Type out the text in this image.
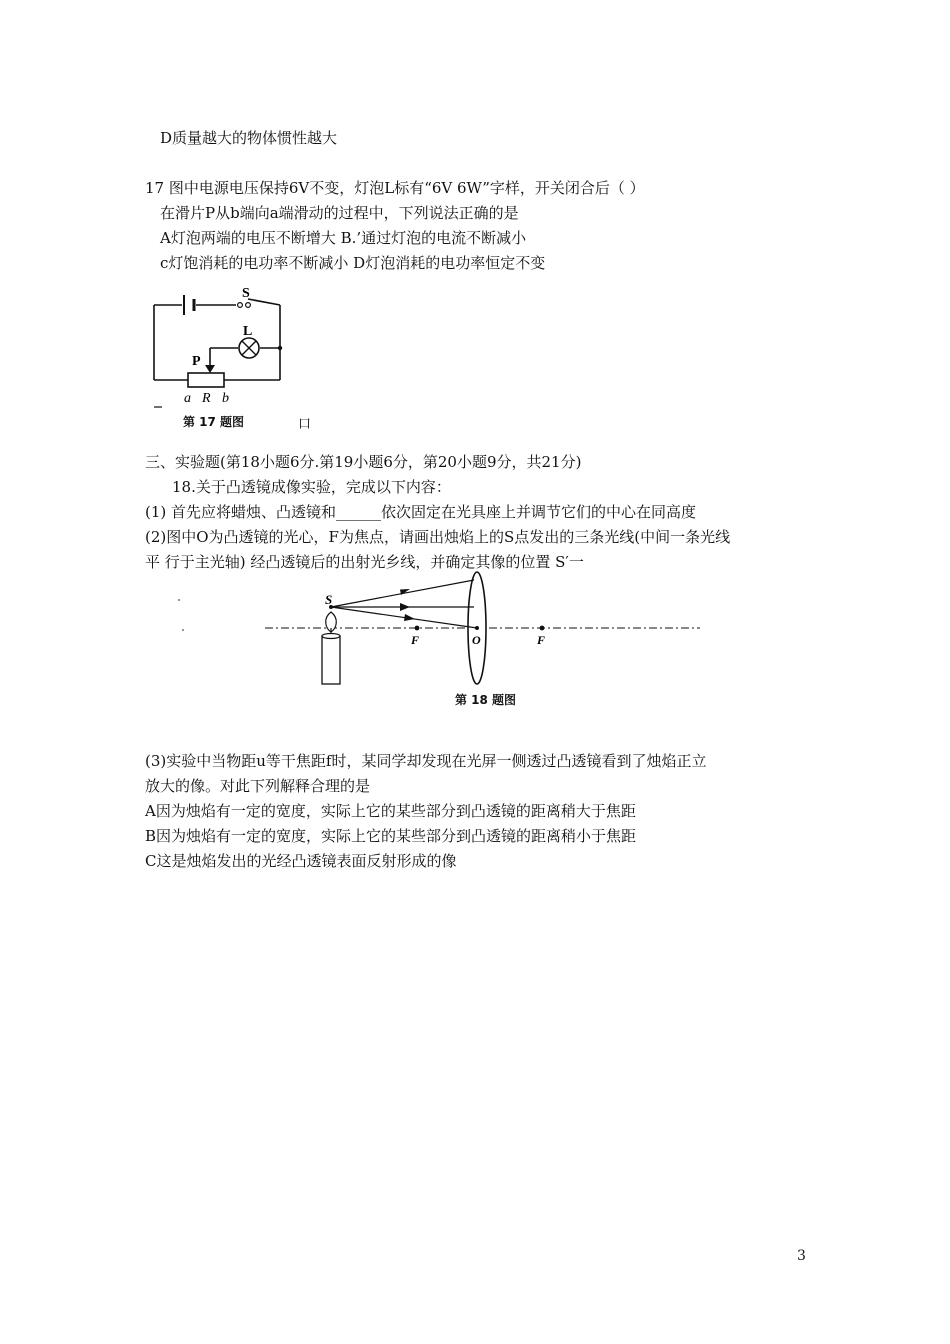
D质量越大的物体惯性越大
17 图中电源电压保持6V不变，灯泡L标有“6V 6W”字样，开关闭合后（ ）
在滑片P从b端向a端滑动的过程中，下列说法正确的是
A灯泡两端的电压不断增大 B.’通过灯泡的电流不断减小
c灯饱消耗的电功率不断减小 D灯泡消耗的电功率恒定不变
S
L
P
a R b
第 17 题图	口
三、实验题(第18小题6分.第19小题6分，第20小题9分，共21分)
18.关于凸透镜成像实验，完成以下内容：
(1) 首先应将蜡烛、凸透镜和______依次固定在光具座上并调节它们的中心在同高度
(2)图中O为凸透镜的光心，F为焦点，请画出烛焰上的S点发出的三条光线(中间一条光线
平 行于主光轴) 经凸透镜后的出射光乡线，并确定其像的位置 S′一
S
F	O	F
第 18 题图
(3)实验中当物距u等干焦距f时，某同学却发现在光屏一侧透过凸透镜看到了烛焰正立
放大的像。对此下列解释合理的是
A因为烛焰有一定的宽度，实际上它的某些部分到凸透镜的距离稍大于焦距
B因为烛焰有一定的宽度，实际上它的某些部分到凸透镜的距离稍小于焦距
C这是烛焰发出的光经凸透镜表面反射形成的像
3
